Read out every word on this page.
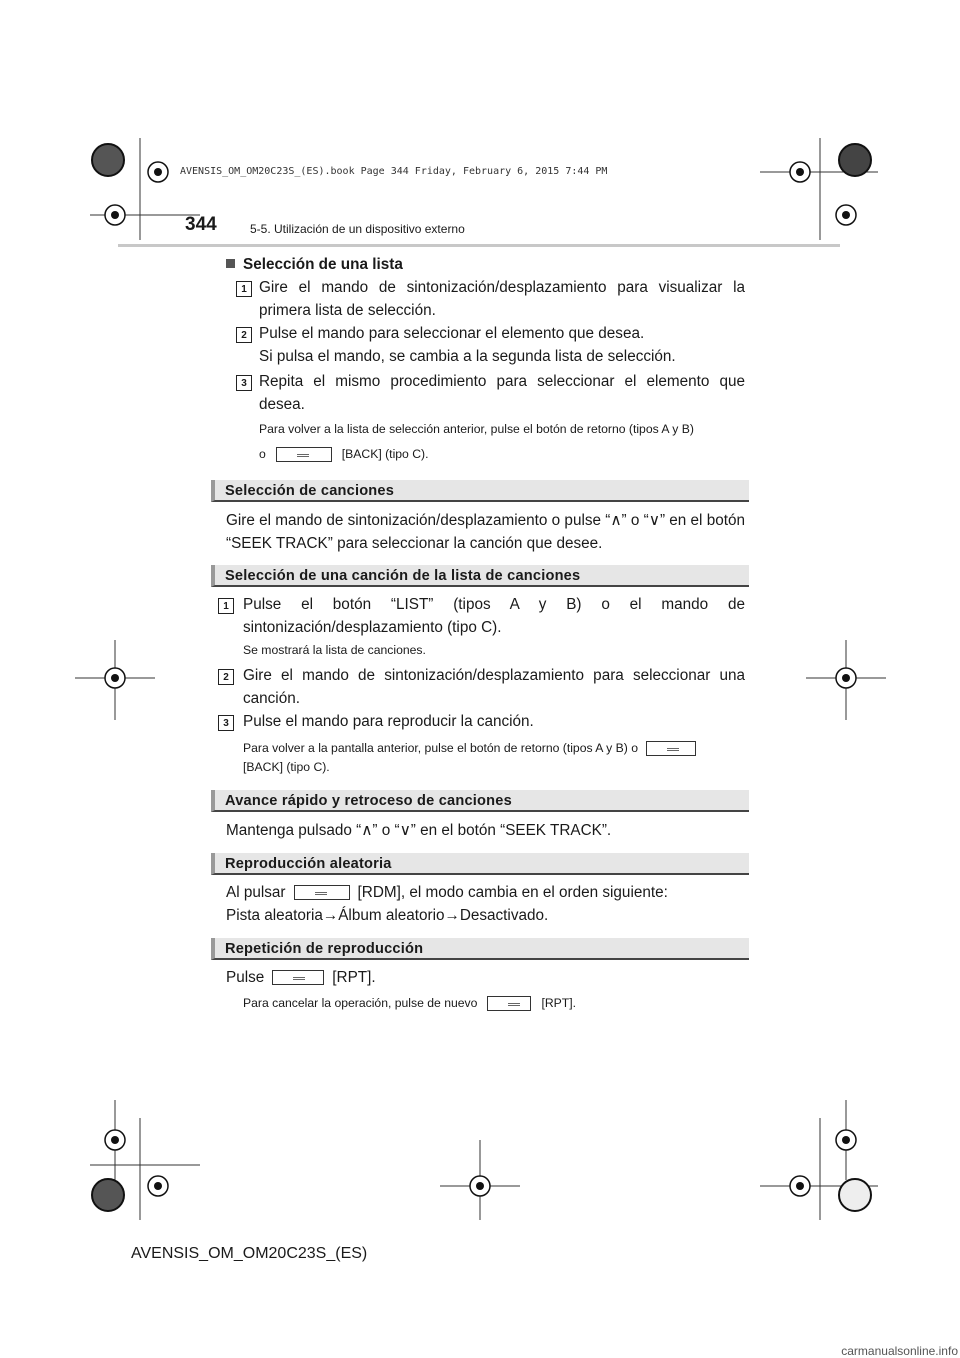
AVENSIS_OM_OM20C23S_(ES).book Page 344 Friday, February 6, 2015 7:44 PM
344	5-5. Utilización de un dispositivo externo
Selección de una lista
1 Gire el mando de sintonización/desplazamiento para visualizar la primera lista de selección.
2 Pulse el mando para seleccionar el elemento que desea.
Si pulsa el mando, se cambia a la segunda lista de selección.
3 Repita el mismo procedimiento para seleccionar el elemento que desea.
Para volver a la lista de selección anterior, pulse el botón de retorno (tipos A y B)
o	[BACK] (tipo C).
Selección de canciones
Gire el mando de sintonización/desplazamiento o pulse “∧” o “∨” en el botón “SEEK TRACK” para seleccionar la canción que desee.
Selección de una canción de la lista de canciones
1 Pulse el botón “LIST” (tipos A y B) o el mando de sintonización/desplazamiento (tipo C).
Se mostrará la lista de canciones.
2 Gire el mando de sintonización/desplazamiento para seleccionar una canción.
3 Pulse el mando para reproducir la canción.
Para volver a la pantalla anterior, pulse el botón de retorno (tipos A y B) o
[BACK] (tipo C).
Avance rápido y retroceso de canciones
Mantenga pulsado “∧” o “∨” en el botón “SEEK TRACK”.
Reproducción aleatoria
Al pulsar	[RDM], el modo cambia en el orden siguiente:
Pista aleatoria→Álbum aleatorio→Desactivado.
Repetición de reproducción
Pulse	[RPT].
Para cancelar la operación, pulse de nuevo	[RPT].
AVENSIS_OM_OM20C23S_(ES)
carmanualsonline.info
